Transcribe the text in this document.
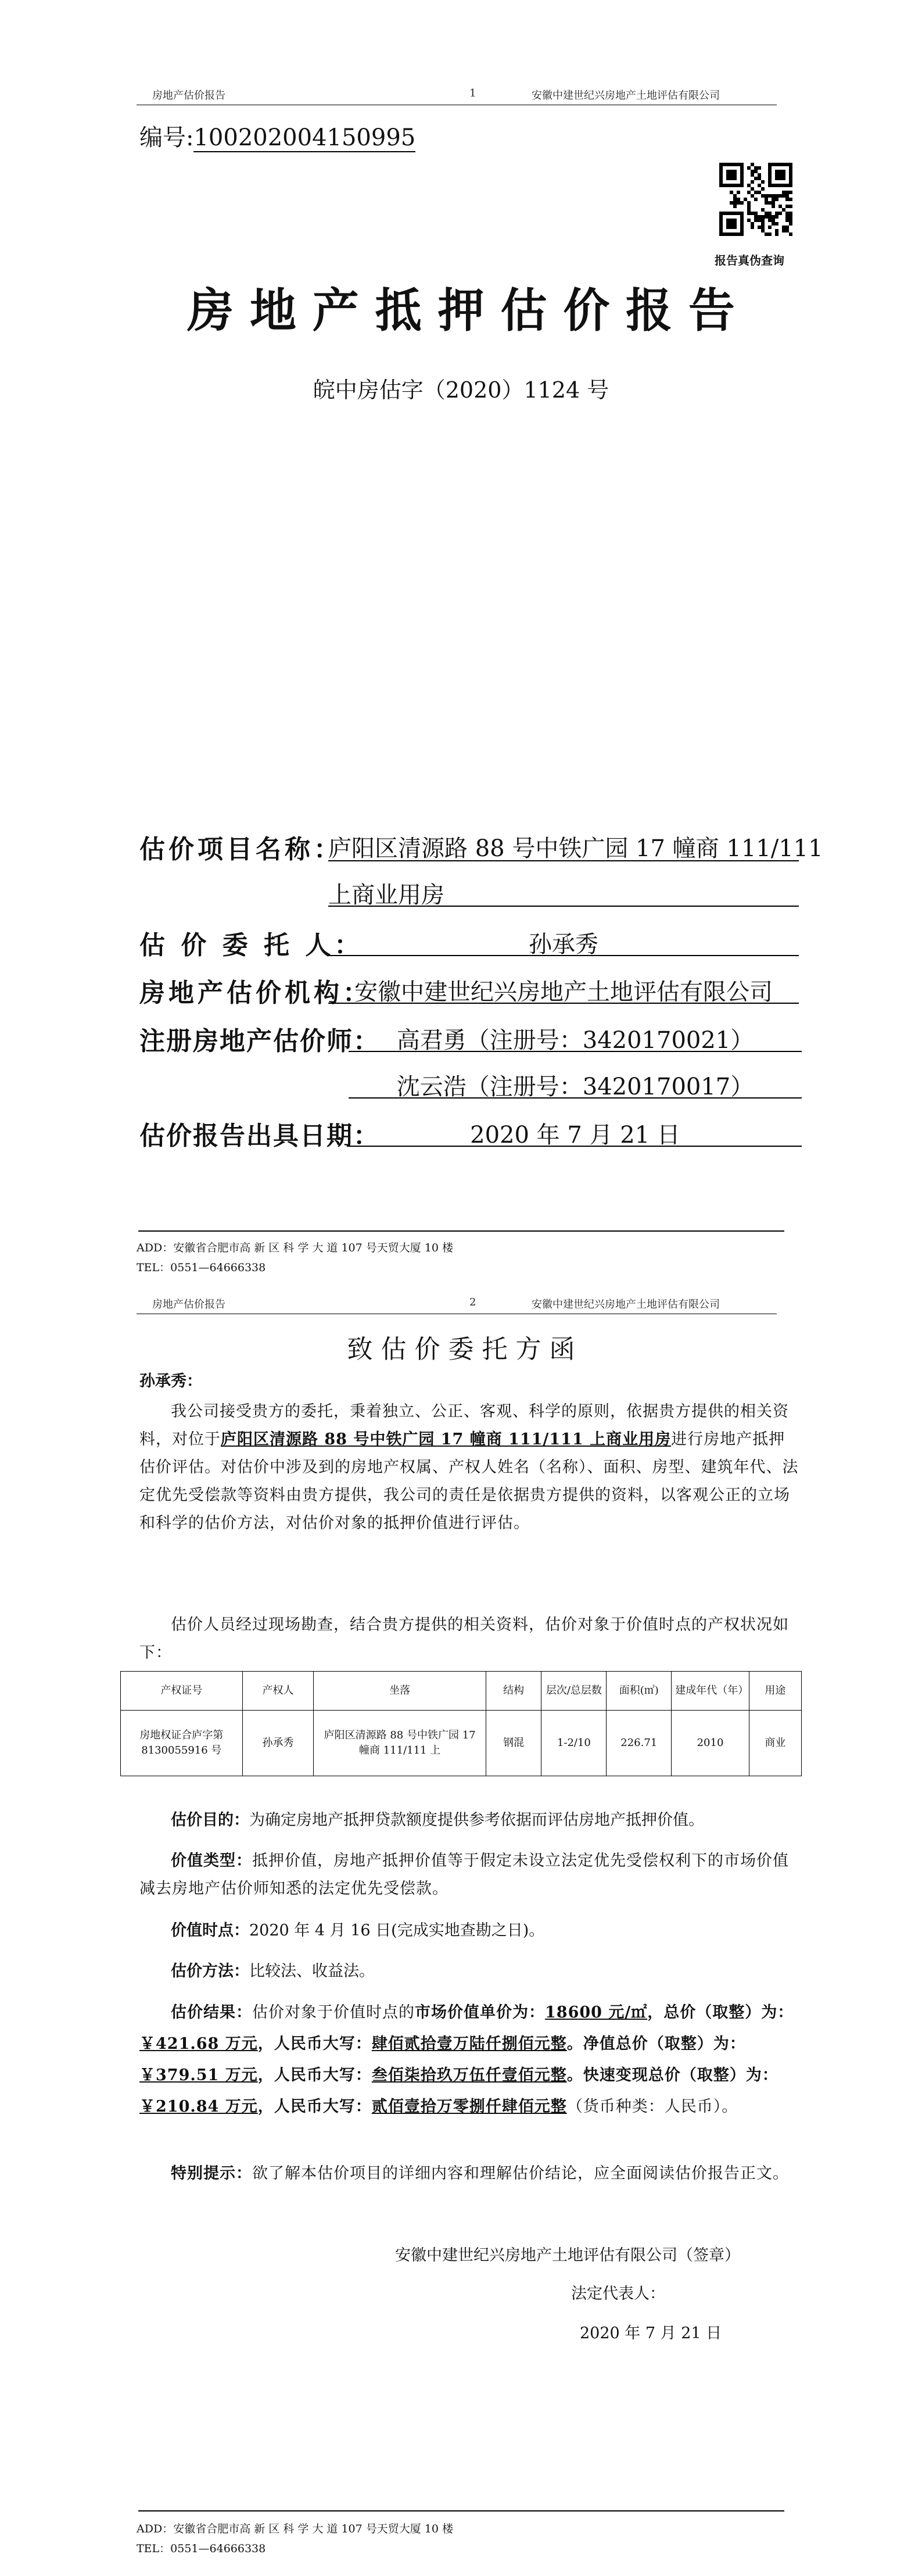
房地产估价报告	1	安徽中建世纪兴房地产土地评估有限公司
编号:100202004150995
报告真伪查询
房 地 产 抵 押 估 价 报 告
皖中房估字（2020）1124 号
估价项目名称：
庐阳区清源路 88 号中铁广园 17 幢商 111/111
上商业用房
估 价 委 托 人：	孙承秀
房地产估价机构：
安徽中建世纪兴房地产土地评估有限公司
注册房地产估价师： 高君勇（注册号：3420170021）
沈云浩（注册号：3420170017）
估价报告出具日期：	2020 年 7 月 21 日
ADD：安徽省合肥市高 新 区 科 学 大 道 107 号天贸大厦 10 楼
TEL：0551—64666338
房地产估价报告	2	安徽中建世纪兴房地产土地评估有限公司
致 估 价 委 托 方 函
孙承秀：
我公司接受贵方的委托，秉着独立、公正、客观、科学的原则，依据贵方提供的相关资料，对位于庐阳区清源路 88 号中铁广园 17 幢商 111/111 上商业用房进行房地产抵押估价评估。对估价中涉及到的房地产权属、产权人姓名（名称）、面积、房型、建筑年代、法定优先受偿款等资料由贵方提供，我公司的责任是依据贵方提供的资料，以客观公正的立场和科学的估价方法，对估价对象的抵押价值进行评估。
估价人员经过现场勘查，结合贵方提供的相关资料，估价对象于价值时点的产权状况如下：
产权证号	产权人	坐落	结构	层次/总层数	面积(㎡)	建成年代（年）	用途
房地权证合庐字第 8130055916 号	孙承秀	庐阳区清源路 88 号中铁广园 17 幢商 111/111 上	钢混	1-2/10	226.71	2010	商业
估价目的：为确定房地产抵押贷款额度提供参考依据而评估房地产抵押价值。
价值类型：抵押价值，房地产抵押价值等于假定未设立法定优先受偿权利下的市场价值减去房地产估价师知悉的法定优先受偿款。
价值时点：2020 年 4 月 16 日(完成实地查勘之日)。
估价方法：比较法、收益法。
估价结果：估价对象于价值时点的市场价值单价为：18600 元/㎡，总价（取整）为：￥421.68 万元，人民币大写：肆佰贰拾壹万陆仟捌佰元整。净值总价（取整）为：￥379.51 万元，人民币大写：叁佰柒拾玖万伍仟壹佰元整。快速变现总价（取整）为：￥210.84 万元，人民币大写：贰佰壹拾万零捌仟肆佰元整（货币种类：人民币）。
特别提示：欲了解本估价项目的详细内容和理解估价结论，应全面阅读估价报告正文。
安徽中建世纪兴房地产土地评估有限公司（签章）
法定代表人：
2020 年 7 月 21 日
ADD：安徽省合肥市高 新 区 科 学 大 道 107 号天贸大厦 10 楼
TEL：0551—64666338
